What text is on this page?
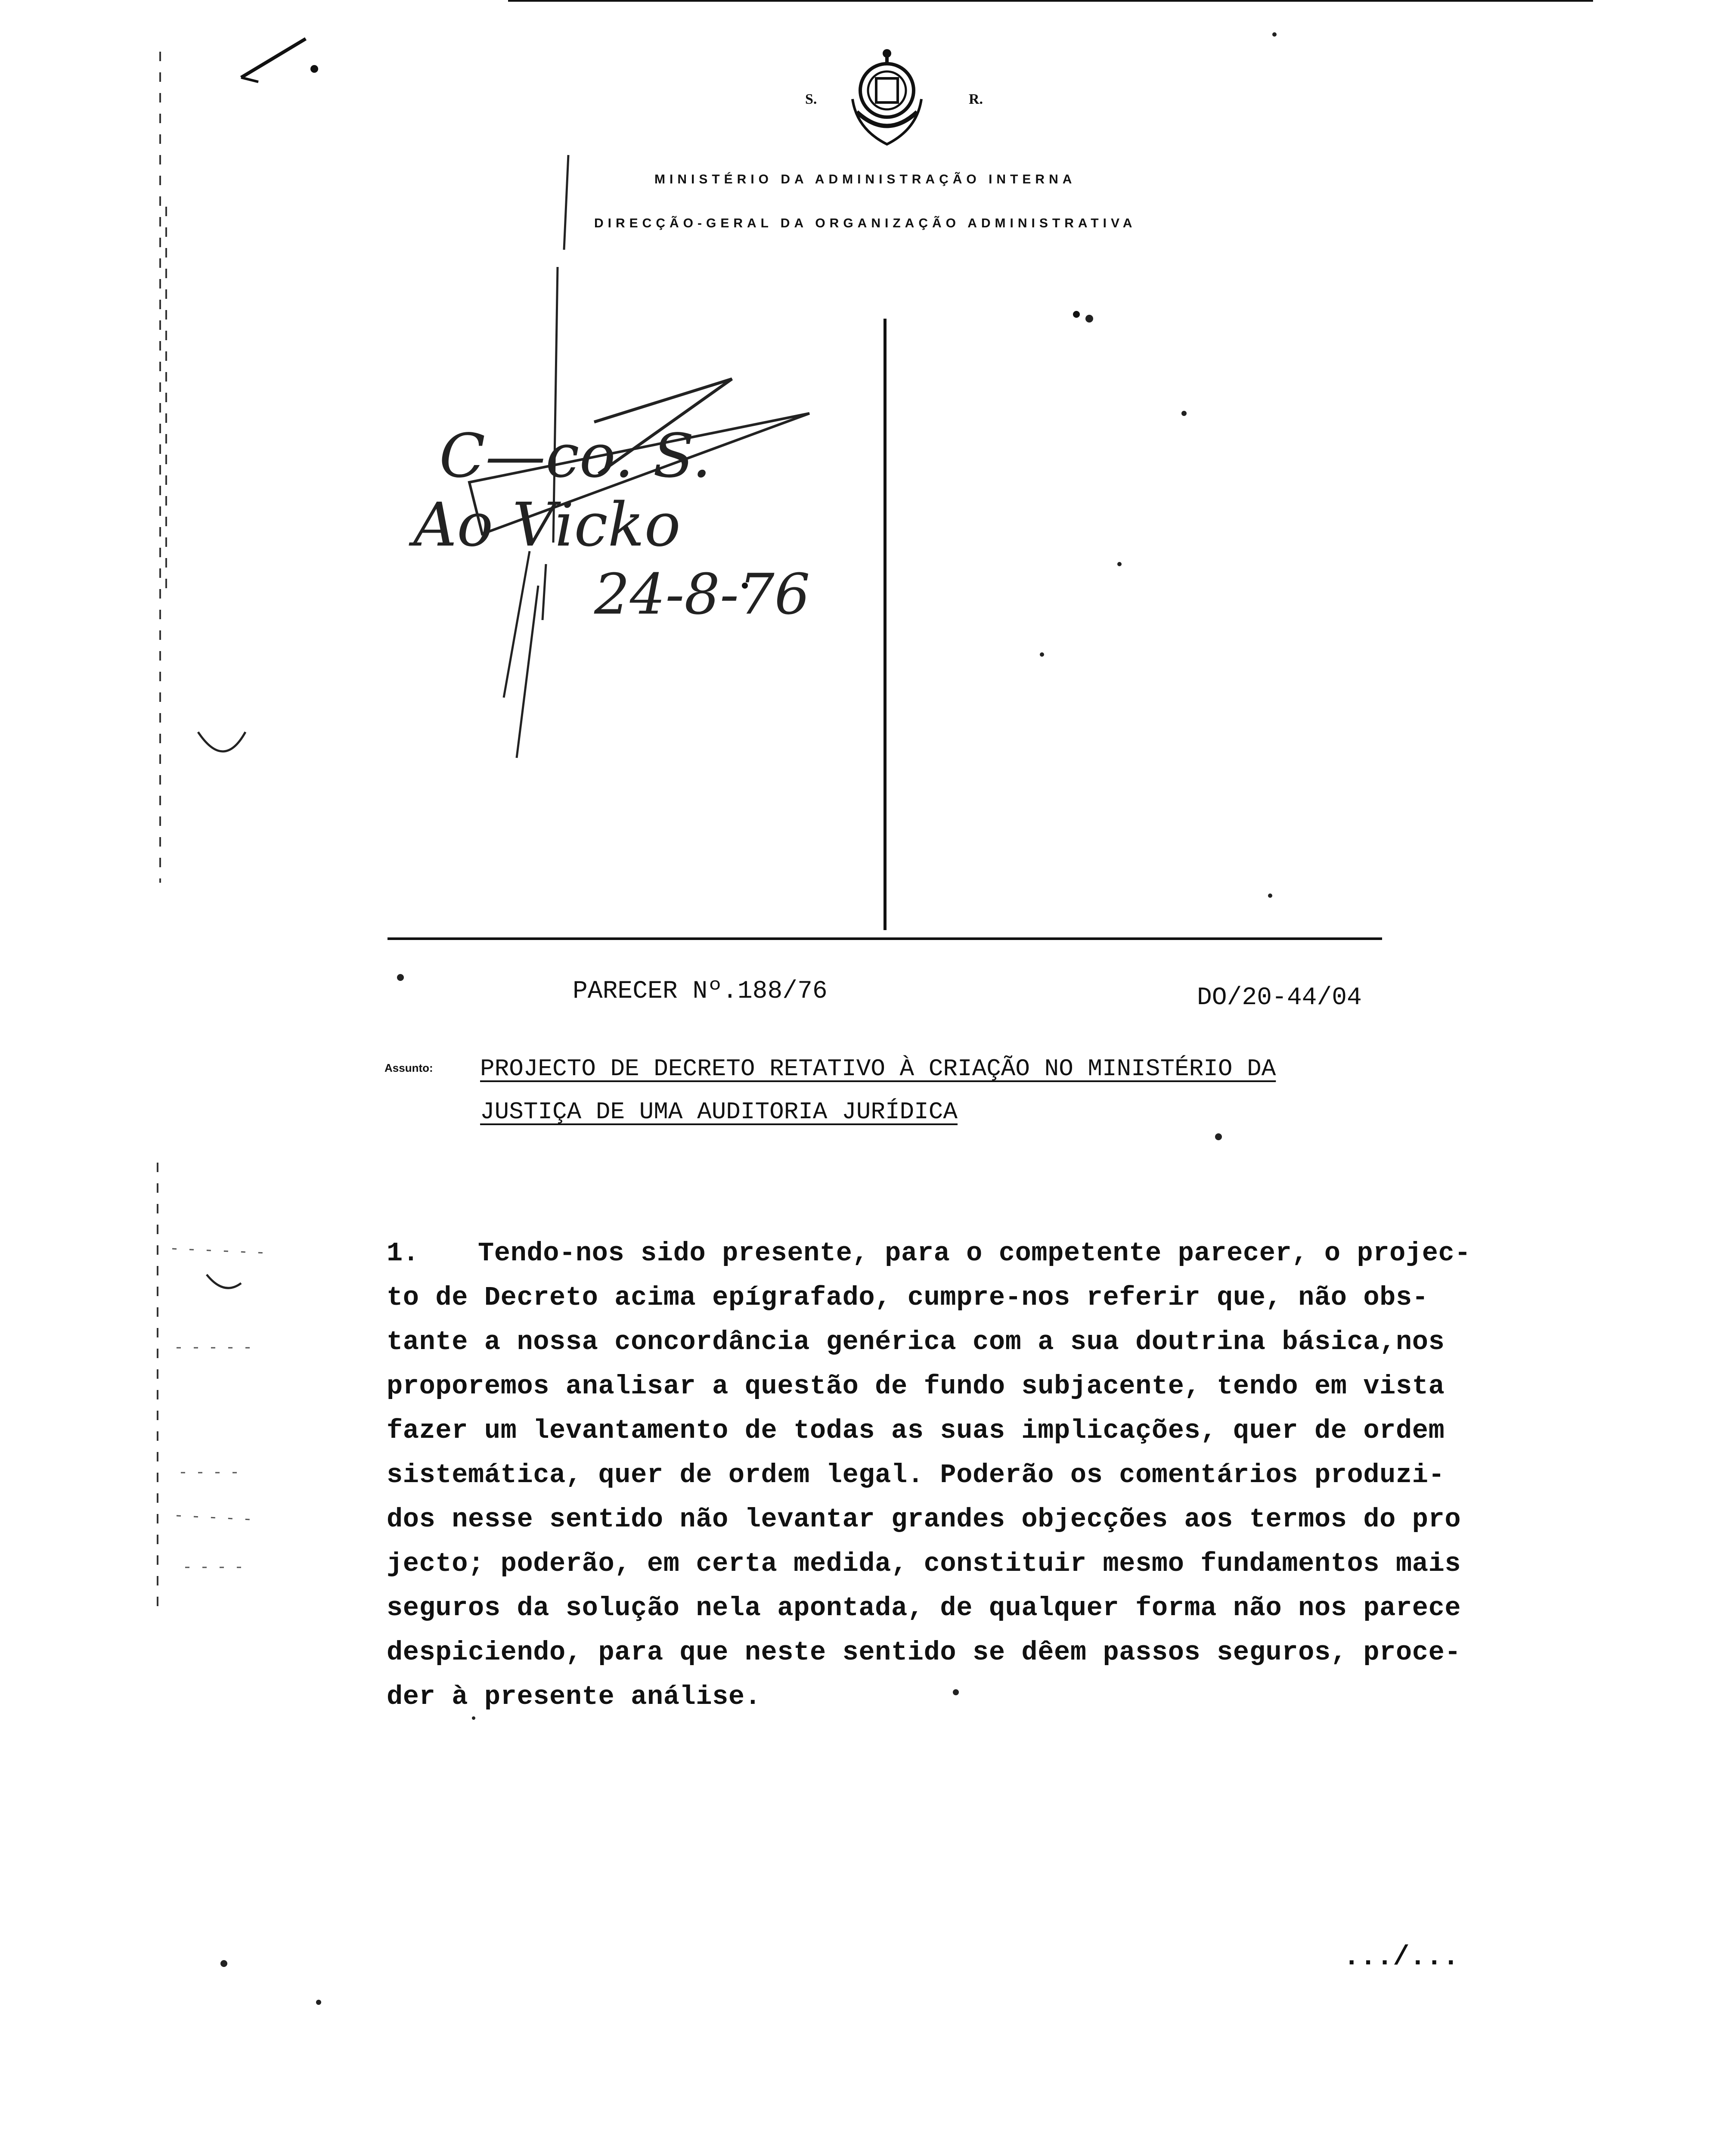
S.	R.
MINISTÉRIO DA ADMINISTRAÇÃO INTERNA
DIRECÇÃO-GERAL DA ORGANIZAÇÃO ADMINISTRATIVA
C—co. S.
Ao Vicko
24-8-76
PARECER Nº.188/76	DO/20-44/04
Assunto: PROJECTO DE DECRETO RETATIVO À CRIAÇÃO NO MINISTÉRIO DA
JUSTIÇA DE UMA AUDITORIA JURÍDICA
1. Tendo-nos sido presente, para o competente parecer, o projec-
to de Decreto acima epígrafado, cumpre-nos referir que, não obs-
tante a nossa concordância genérica com a sua doutrina básica,nos
proporemos analisar a questão de fundo subjacente, tendo em vista
fazer um levantamento de todas as suas implicações, quer de ordem
sistemática, quer de ordem legal. Poderão os comentários produzi-
dos nesse sentido não levantar grandes objecções aos termos do pro
jecto; poderão, em certa medida, constituir mesmo fundamentos mais
seguros da solução nela apontada, de qualquer forma não nos parece
despiciendo, para que neste sentido se dêem passos seguros, proce-
der à presente análise.
.../...
